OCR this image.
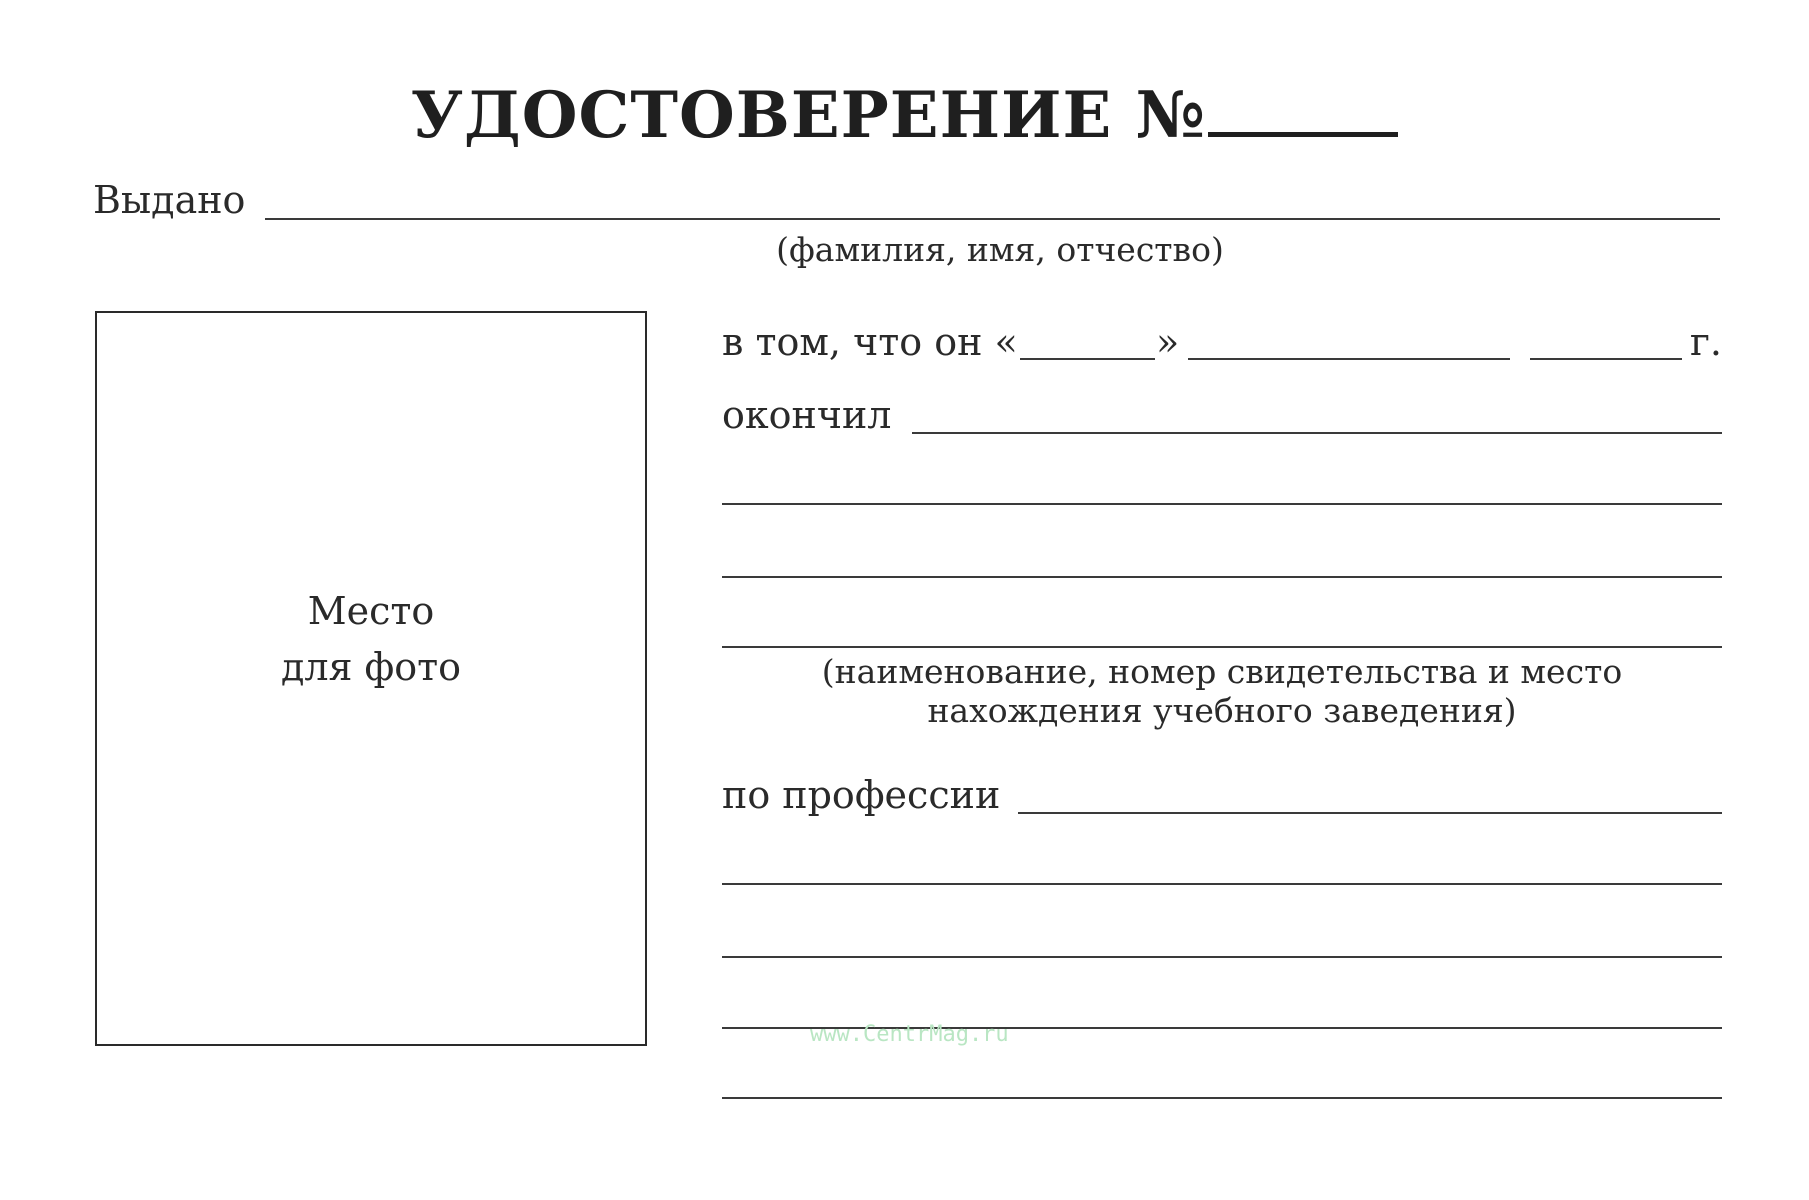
УДОСТОВЕРЕНИЕ №
Выдано
(фамилия, имя, отчество)
Место
для фото
в том, что он «	»	г.
окончил
(наименование, номер свидетельства и место
нахождения учебного заведения)
по профессии
www.CentrMag.ru
